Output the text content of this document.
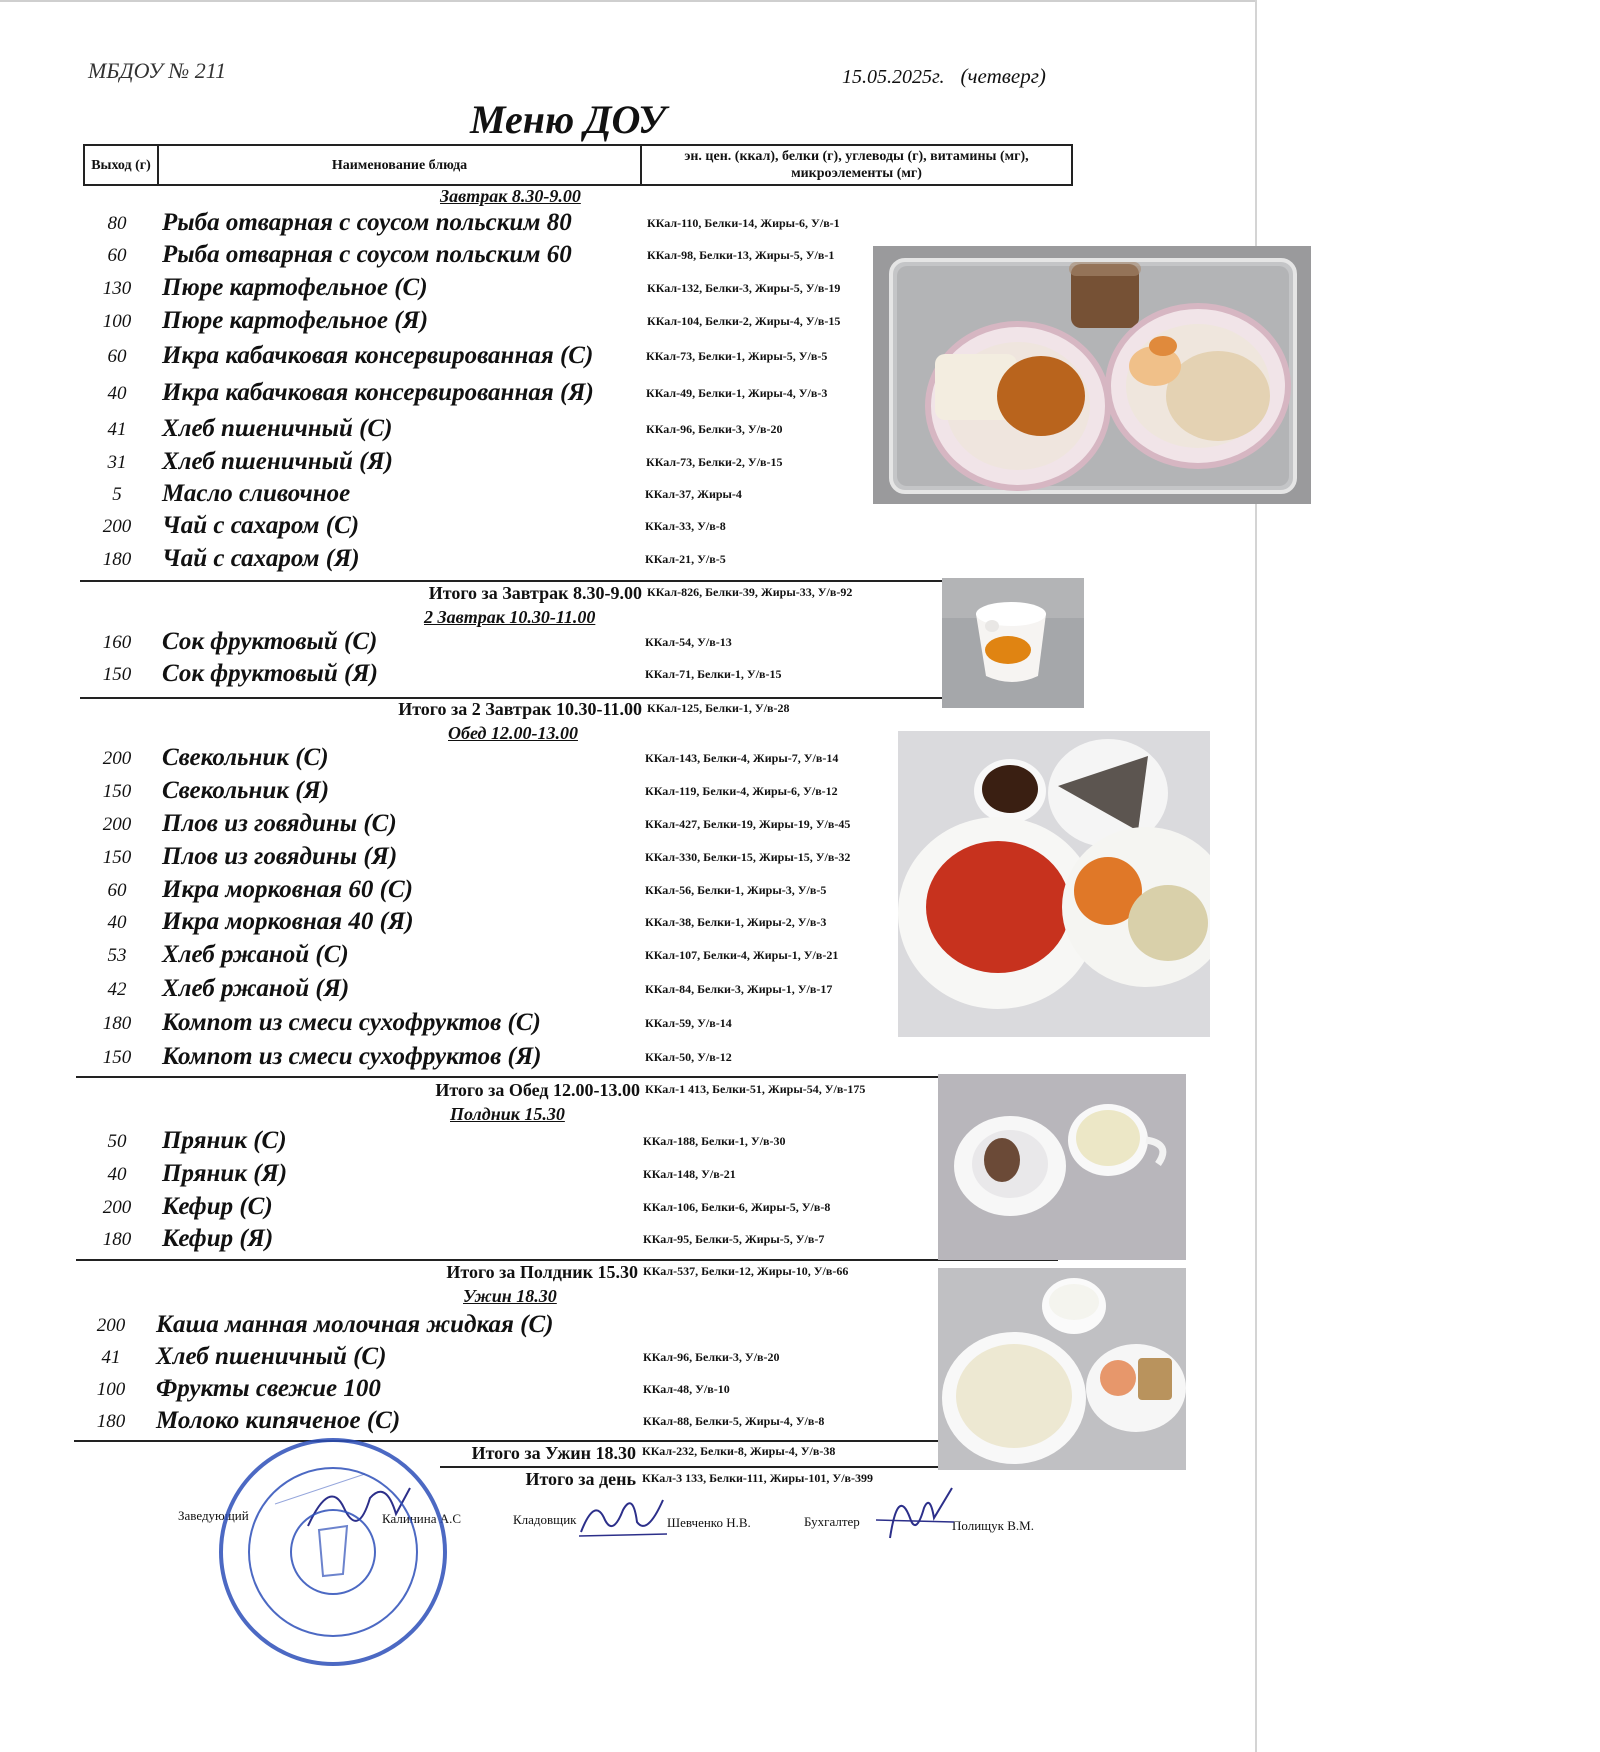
МБДОУ № 211	15.05.2025г. (четверг)
Меню ДОУ
Выход (г)	Наименование блюда	эн. цен. (ккал), белки (г), углеводы (г), витамины (мг), микроэлементы (мг)
Завтрак 8.30-9.00
80	Рыба отварная с соусом польским 80	ККал-110, Белки-14, Жиры-6, У/в-1
60	Рыба отварная с соусом польским 60	ККал-98, Белки-13, Жиры-5, У/в-1
130	Пюре картофельное (С)	ККал-132, Белки-3, Жиры-5, У/в-19
100	Пюре картофельное (Я)	ККал-104, Белки-2, Жиры-4, У/в-15
60	Икра кабачковая консервированная (С)	ККал-73, Белки-1, Жиры-5, У/в-5
40	Икра кабачковая консервированная (Я)	ККал-49, Белки-1, Жиры-4, У/в-3
41	Хлеб пшеничный (С)	ККал-96, Белки-3, У/в-20
31	Хлеб пшеничный (Я)	ККал-73, Белки-2, У/в-15
5	Масло сливочное	ККал-37, Жиры-4
200	Чай с сахаром (С)	ККал-33, У/в-8
180	Чай с сахаром (Я)	ККал-21, У/в-5
Итого за Завтрак 8.30-9.00 ККал-826, Белки-39, Жиры-33, У/в-92
2 Завтрак 10.30-11.00
160	Сок фруктовый (С)	ККал-54, У/в-13
150	Сок фруктовый (Я)	ККал-71, Белки-1, У/в-15
Итого за 2 Завтрак 10.30-11.00 ККал-125, Белки-1, У/в-28
Обед 12.00-13.00
200	Свекольник (С)	ККал-143, Белки-4, Жиры-7, У/в-14
150	Свекольник (Я)	ККал-119, Белки-4, Жиры-6, У/в-12
200	Плов из говядины (С)	ККал-427, Белки-19, Жиры-19, У/в-45
150	Плов из говядины (Я)	ККал-330, Белки-15, Жиры-15, У/в-32
60	Икра морковная 60 (С)	ККал-56, Белки-1, Жиры-3, У/в-5
40	Икра морковная 40 (Я)	ККал-38, Белки-1, Жиры-2, У/в-3
53	Хлеб ржаной (С)	ККал-107, Белки-4, Жиры-1, У/в-21
42	Хлеб ржаной (Я)	ККал-84, Белки-3, Жиры-1, У/в-17
180	Компот из смеси сухофруктов (С)	ККал-59, У/в-14
150	Компот из смеси сухофруктов (Я)	ККал-50, У/в-12
Итого за Обед 12.00-13.00 ККал-1 413, Белки-51, Жиры-54, У/в-175
Полдник 15.30
50	Пряник (С)	ККал-188, Белки-1, У/в-30
40	Пряник (Я)	ККал-148, У/в-21
200	Кефир (С)	ККал-106, Белки-6, Жиры-5, У/в-8
180	Кефир (Я)	ККал-95, Белки-5, Жиры-5, У/в-7
Итого за Полдник 15.30 ККал-537, Белки-12, Жиры-10, У/в-66
Ужин 18.30
200	Каша манная молочная жидкая (С)
41	Хлеб пшеничный (С)	ККал-96, Белки-3, У/в-20
100	Фрукты свежие 100	ККал-48, У/в-10
180	Молоко кипяченое (С)	ККал-88, Белки-5, Жиры-4, У/в-8
Итого за Ужин 18.30 ККал-232, Белки-8, Жиры-4, У/в-38
Итого за день ККал-3 133, Белки-111, Жиры-101, У/в-399
Заведующий	Калинина А.С	Кладовщик	Шевченко Н.В.	Бухгалтер	Полищук В.М.
